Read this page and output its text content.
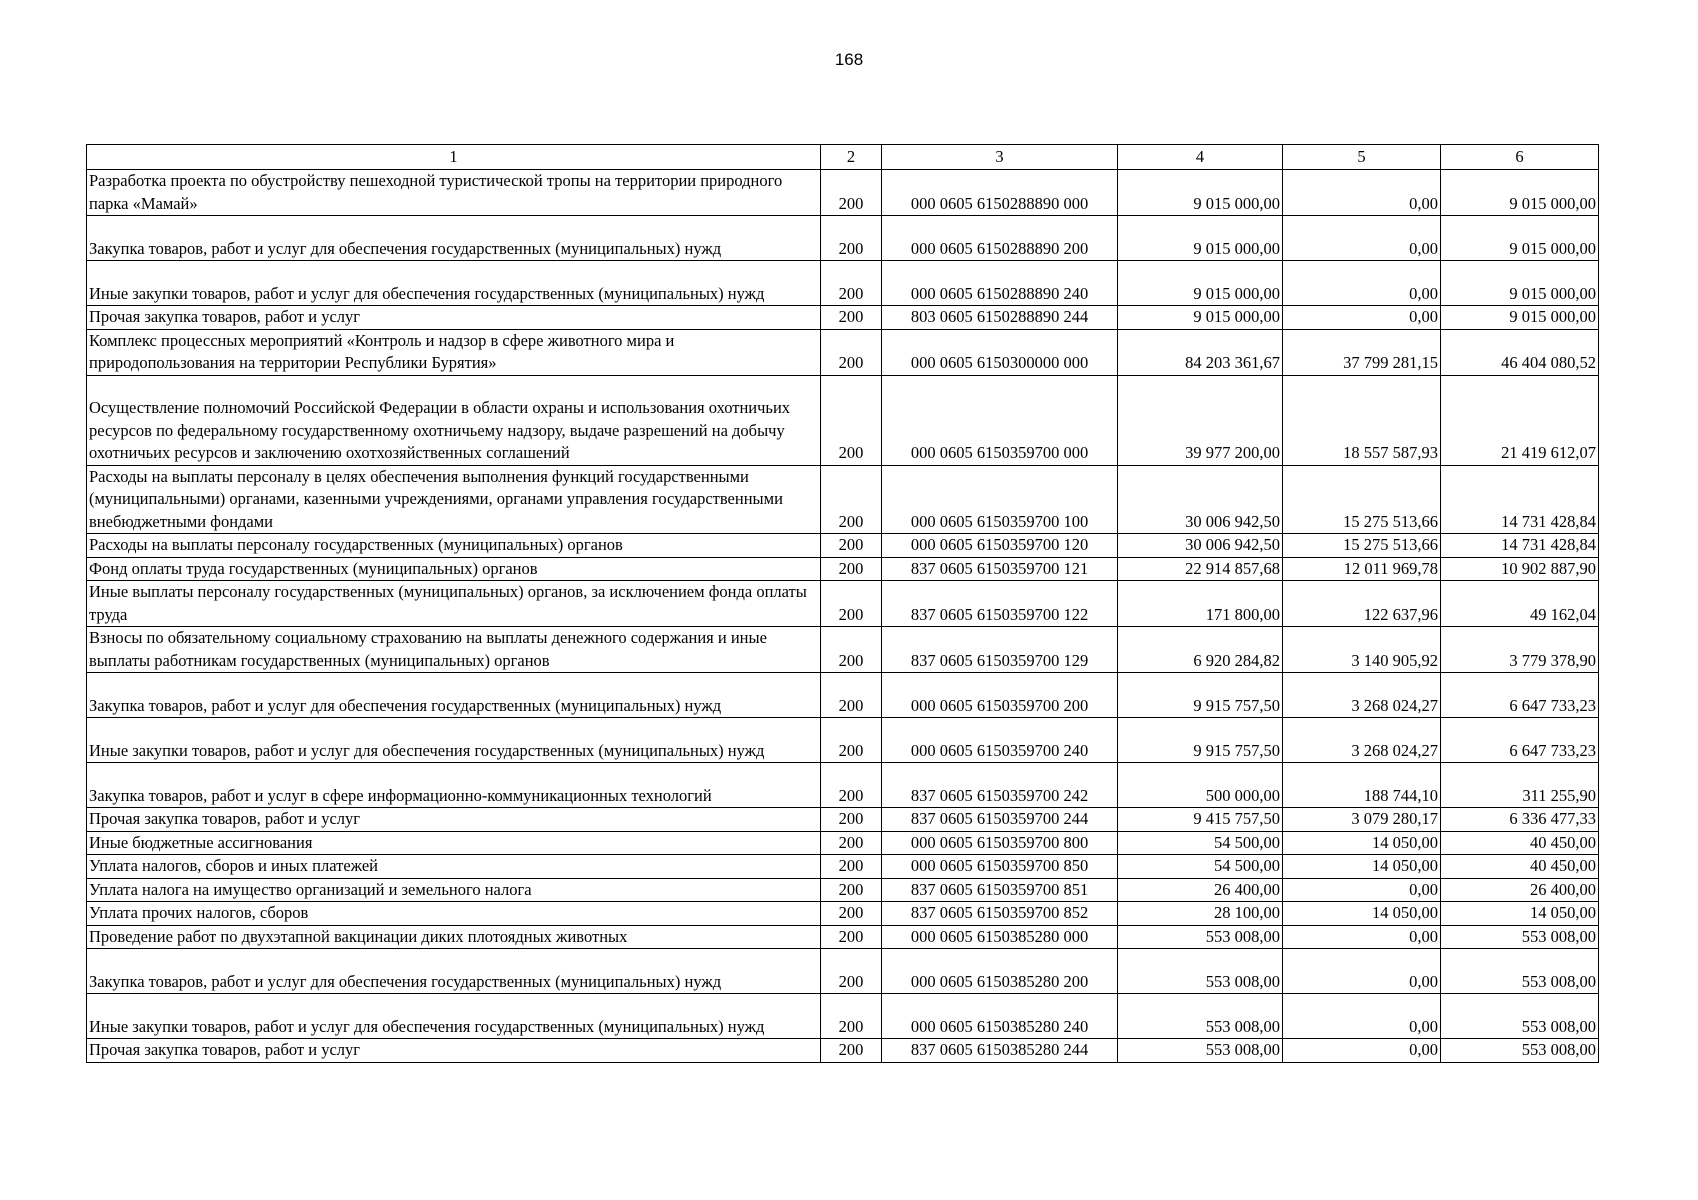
168
1	2	3	4	5	6
Разработка проекта по обустройству пешеходной туристической тропы на территории природного парка «Мамай»	200	000 0605 6150288890 000	9 015 000,00	0,00	9 015 000,00
Закупка товаров, работ и услуг для обеспечения государственных (муниципальных) нужд	200	000 0605 6150288890 200	9 015 000,00	0,00	9 015 000,00
Иные закупки товаров, работ и услуг для обеспечения государственных (муниципальных) нужд	200	000 0605 6150288890 240	9 015 000,00	0,00	9 015 000,00
Прочая закупка товаров, работ и услуг	200	803 0605 6150288890 244	9 015 000,00	0,00	9 015 000,00
Комплекс процессных мероприятий «Контроль и надзор в сфере животного мира и природопользования на территории Республики Бурятия»	200	000 0605 6150300000 000	84 203 361,67	37 799 281,15	46 404 080,52
Осуществление полномочий Российской Федерации в области охраны и использования охотничьих ресурсов по федеральному государственному охотничьему надзору, выдаче разрешений на добычу охотничьих ресурсов и заключению охотхозяйственных соглашений	200	000 0605 6150359700 000	39 977 200,00	18 557 587,93	21 419 612,07
Расходы на выплаты персоналу в целях обеспечения выполнения функций государственными (муниципальными) органами, казенными учреждениями, органами управления государственными внебюджетными фондами	200	000 0605 6150359700 100	30 006 942,50	15 275 513,66	14 731 428,84
Расходы на выплаты персоналу государственных (муниципальных) органов	200	000 0605 6150359700 120	30 006 942,50	15 275 513,66	14 731 428,84
Фонд оплаты труда государственных (муниципальных) органов	200	837 0605 6150359700 121	22 914 857,68	12 011 969,78	10 902 887,90
Иные выплаты персоналу государственных (муниципальных) органов, за исключением фонда оплаты труда	200	837 0605 6150359700 122	171 800,00	122 637,96	49 162,04
Взносы по обязательному социальному страхованию на выплаты денежного содержания и иные выплаты работникам государственных (муниципальных) органов	200	837 0605 6150359700 129	6 920 284,82	3 140 905,92	3 779 378,90
Закупка товаров, работ и услуг для обеспечения государственных (муниципальных) нужд	200	000 0605 6150359700 200	9 915 757,50	3 268 024,27	6 647 733,23
Иные закупки товаров, работ и услуг для обеспечения государственных (муниципальных) нужд	200	000 0605 6150359700 240	9 915 757,50	3 268 024,27	6 647 733,23
Закупка товаров, работ и услуг в сфере информационно-коммуникационных технологий	200	837 0605 6150359700 242	500 000,00	188 744,10	311 255,90
Прочая закупка товаров, работ и услуг	200	837 0605 6150359700 244	9 415 757,50	3 079 280,17	6 336 477,33
Иные бюджетные ассигнования	200	000 0605 6150359700 800	54 500,00	14 050,00	40 450,00
Уплата налогов, сборов и иных платежей	200	000 0605 6150359700 850	54 500,00	14 050,00	40 450,00
Уплата налога на имущество организаций и земельного налога	200	837 0605 6150359700 851	26 400,00	0,00	26 400,00
Уплата прочих налогов, сборов	200	837 0605 6150359700 852	28 100,00	14 050,00	14 050,00
Проведение работ по двухэтапной вакцинации диких плотоядных животных	200	000 0605 6150385280 000	553 008,00	0,00	553 008,00
Закупка товаров, работ и услуг для обеспечения государственных (муниципальных) нужд	200	000 0605 6150385280 200	553 008,00	0,00	553 008,00
Иные закупки товаров, работ и услуг для обеспечения государственных (муниципальных) нужд	200	000 0605 6150385280 240	553 008,00	0,00	553 008,00
Прочая закупка товаров, работ и услуг	200	837 0605 6150385280 244	553 008,00	0,00	553 008,00
